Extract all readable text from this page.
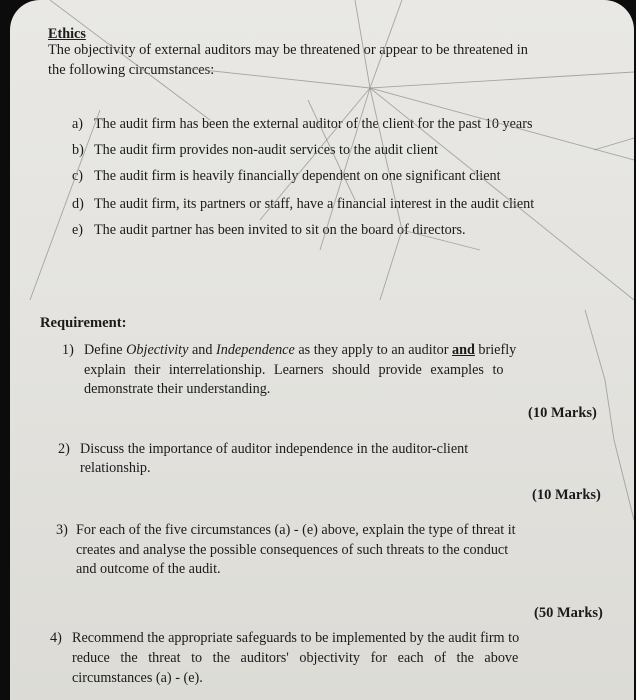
Ethics
The objectivity of external auditors may be threatened or appear to be threatened in
the following circumstances:
a) The audit firm has been the external auditor of the client for the past 10 years
b) The audit firm provides non-audit services to the audit client
c) The audit firm is heavily financially dependent on one significant client
d) The audit firm, its partners or staff, have a financial interest in the audit client
e) The audit partner has been invited to sit on the board of directors.
Requirement:
1) Define Objectivity and Independence as they apply to an auditor and briefly
explain their interrelationship. Learners should provide examples to
demonstrate their understanding.
(10 Marks)
2) Discuss the importance of auditor independence in the auditor-client
relationship.
(10 Marks)
3) For each of the five circumstances (a) - (e) above, explain the type of threat it
creates and analyse the possible consequences of such threats to the conduct
and outcome of the audit.
(50 Marks)
4) Recommend the appropriate safeguards to be implemented by the audit firm to
reduce the threat to the auditors' objectivity for each of the above
circumstances (a) - (e).
